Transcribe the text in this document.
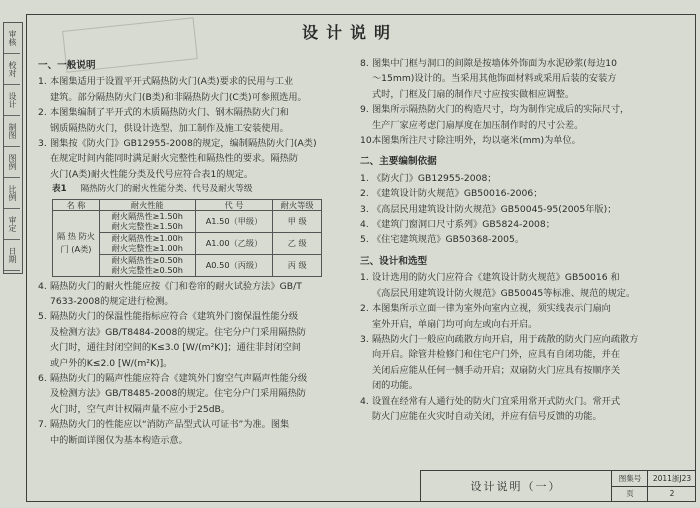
审核
校对
设计
制图
图例
比例
审定
日期
设计说明
一、一般说明
1. 本图集适用于设置平开式隔热防火门(A类)要求的民用与工业
建筑。部分隔热防火门(B类)和非隔热防火门(C类)可参照选用。
2. 本图集编制了平开式的木质隔热防火门、钢木隔热防火门和
钢质隔热防火门，供设计选型、加工制作及施工安装使用。
3. 图集按《防火门》GB12955-2008的规定，编制隔热防火门(A类)
在规定时间内能同时满足耐火完整性和隔热性的要求。隔热防
火门(A类)耐火性能分类及代号应符合表1的规定。
表1 隔热防火门的耐火性能分类、代号及耐火等级
名 称	耐火性能	代 号	耐火等级
隔 热 防火门 (A类)	耐火隔热性≥1.50h
耐火完整性≥1.50h	A1.50（甲级）	甲 级

	耐火隔热性≥1.00h
耐火完整性≥1.00h	A1.00（乙级）	乙 级

	耐火隔热性≥0.50h
耐火完整性≥0.50h	A0.50（丙级）	丙 级
4. 隔热防火门的耐火性能应按《门和卷帘的耐火试验方法》GB/T
7633-2008的规定进行检测。
5. 隔热防火门的保温性能指标应符合《建筑外门窗保温性能分级
及检测方法》GB/T8484-2008的规定。住宅分户门采用隔热防
火门时，通往封闭空间的K≤3.0 [W/(m²K)]；通往非封闭空间
或户外的K≤2.0 [W/(m²K)]。
6. 隔热防火门的隔声性能应符合《建筑外门窗空气声隔声性能分级
及检测方法》GB/T8485-2008的规定。住宅分户门采用隔热防
火门时，空气声计权隔声量不应小于25dB。
7. 隔热防火门的性能应以“消防产品型式认可证书”为准。图集
中的断面详图仅为基本构造示意。
8. 图集中门框与洞口的间隙是按墙体外饰面为水泥砂浆(每边10
～15mm)设计的。当采用其他饰面材料或采用后装的安装方
式时，门框及门扇的制作尺寸应按实做相应调整。
9. 图集所示隔热防火门的构造尺寸，均为制作完成后的实际尺寸，
生产厂家应考虑门扇厚度在加压制作时的尺寸公差。
10.本图集所注尺寸除注明外，均以毫米(mm)为单位。
二、主要编制依据
1. 《防火门》GB12955-2008；
2. 《建筑设计防火规范》GB50016-2006；
3. 《高层民用建筑设计防火规范》GB50045-95(2005年版)；
4. 《建筑门窗洞口尺寸系列》GB5824-2008；
5. 《住宅建筑规范》GB50368-2005。
三、设计和选型
1. 设计选用的防火门应符合《建筑设计防火规范》GB50016 和
《高层民用建筑设计防火规范》GB50045等标准、规范的规定。
2. 本图集所示立面一律为室外向室内立视，须实线表示门扇向
室外开启，单扇门均可向左或向右开启。
3. 隔热防火门一般应向疏散方向开启，用于疏散的防火门应向疏散方
向开启。除管井检修门和住宅户门外，应具有自闭功能，并在
关闭后应能从任何一侧手动开启；双扇防火门应具有按顺序关
闭的功能。
4. 设置在经常有人通行处的防火门宜采用常开式防火门。常开式
防火门应能在火灾时自动关闭，并应有信号反馈的功能。
设计说明（一）
图集号	2011浙J23
页	2
